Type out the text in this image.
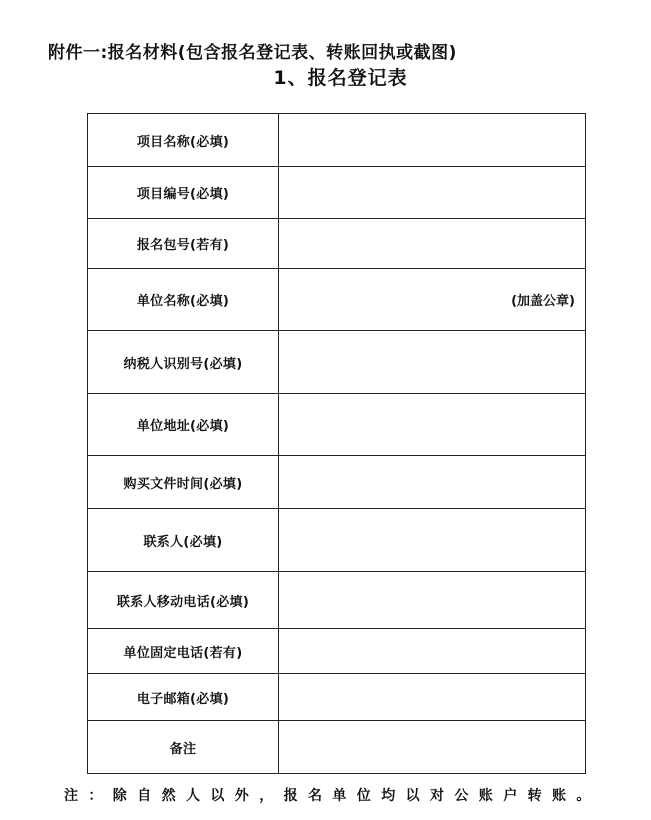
附件一:报名材料(包含报名登记表、转账回执或截图)
1、报名登记表
项目名称(必填)	
项目编号(必填)	
报名包号(若有)	
单位名称(必填)	(加盖公章)
纳税人识别号(必填)	
单位地址(必填)	
购买文件时间(必填)	
联系人(必填)	
联系人移动电话(必填)	
单位固定电话(若有)	
电子邮箱(必填)	
备注	
注：除自然人以外，报名单位均以对公账户转账。
